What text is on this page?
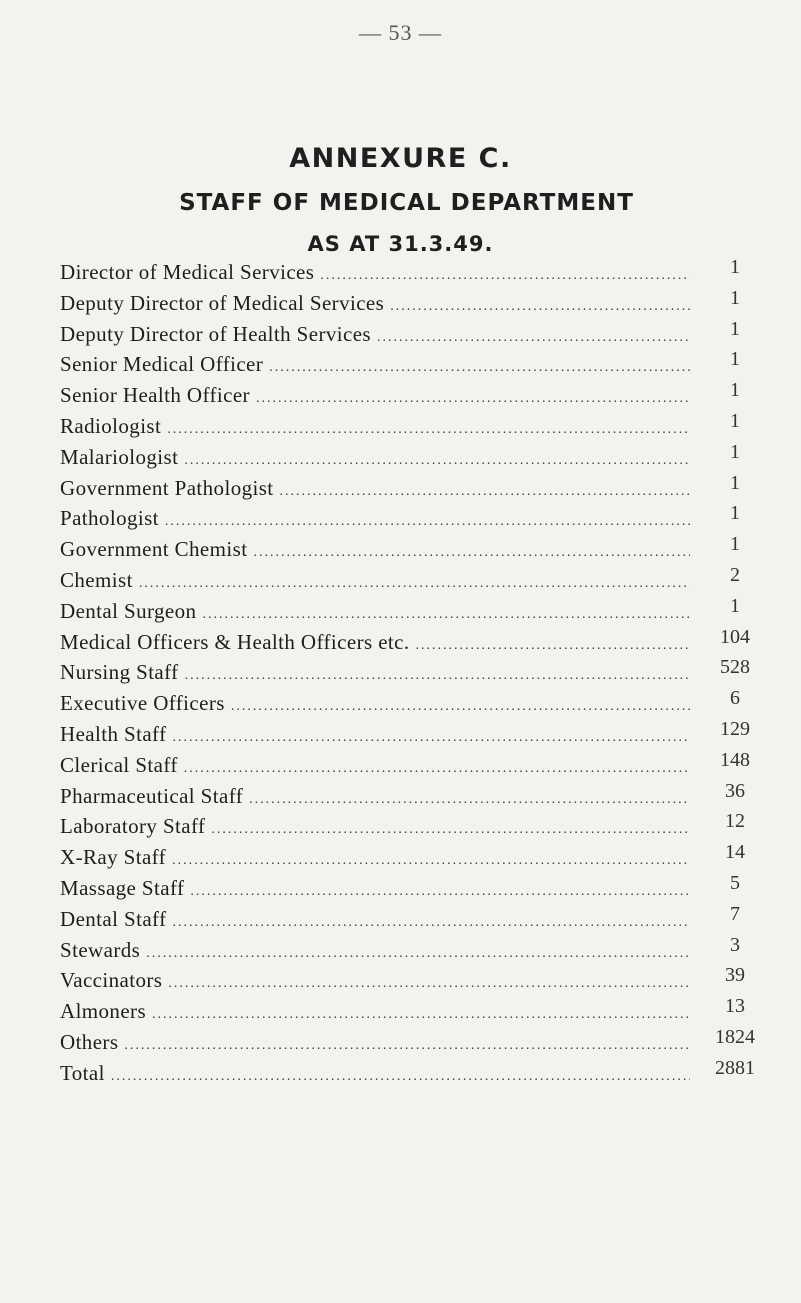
— 53 —
ANNEXURE C.
STAFF OF MEDICAL DEPARTMENT
AS AT 31.3.49.
Director of Medical Services .....	1
Deputy Director of Medical Services .....	1
Deputy Director of Health Services .....	1
Senior Medical Officer .....	1
Senior Health Officer .....	1
Radiologist .....	1
Malariologist .....	1
Government Pathologist .....	1
Pathologist .....	1
Government Chemist .....	1
Chemist .....	2
Dental Surgeon .....	1
Medical Officers & Health Officers etc. .....	104
Nursing Staff .....	528
Executive Officers .....	6
Health Staff .....	129
Clerical Staff .....	148
Pharmaceutical Staff .....	36
Laboratory Staff .....	12
X-Ray Staff .....	14
Massage Staff .....	5
Dental Staff .....	7
Stewards .....	3
Vaccinators .....	39
Almoners .....	13
Others .....	1824
Total .....	2881
